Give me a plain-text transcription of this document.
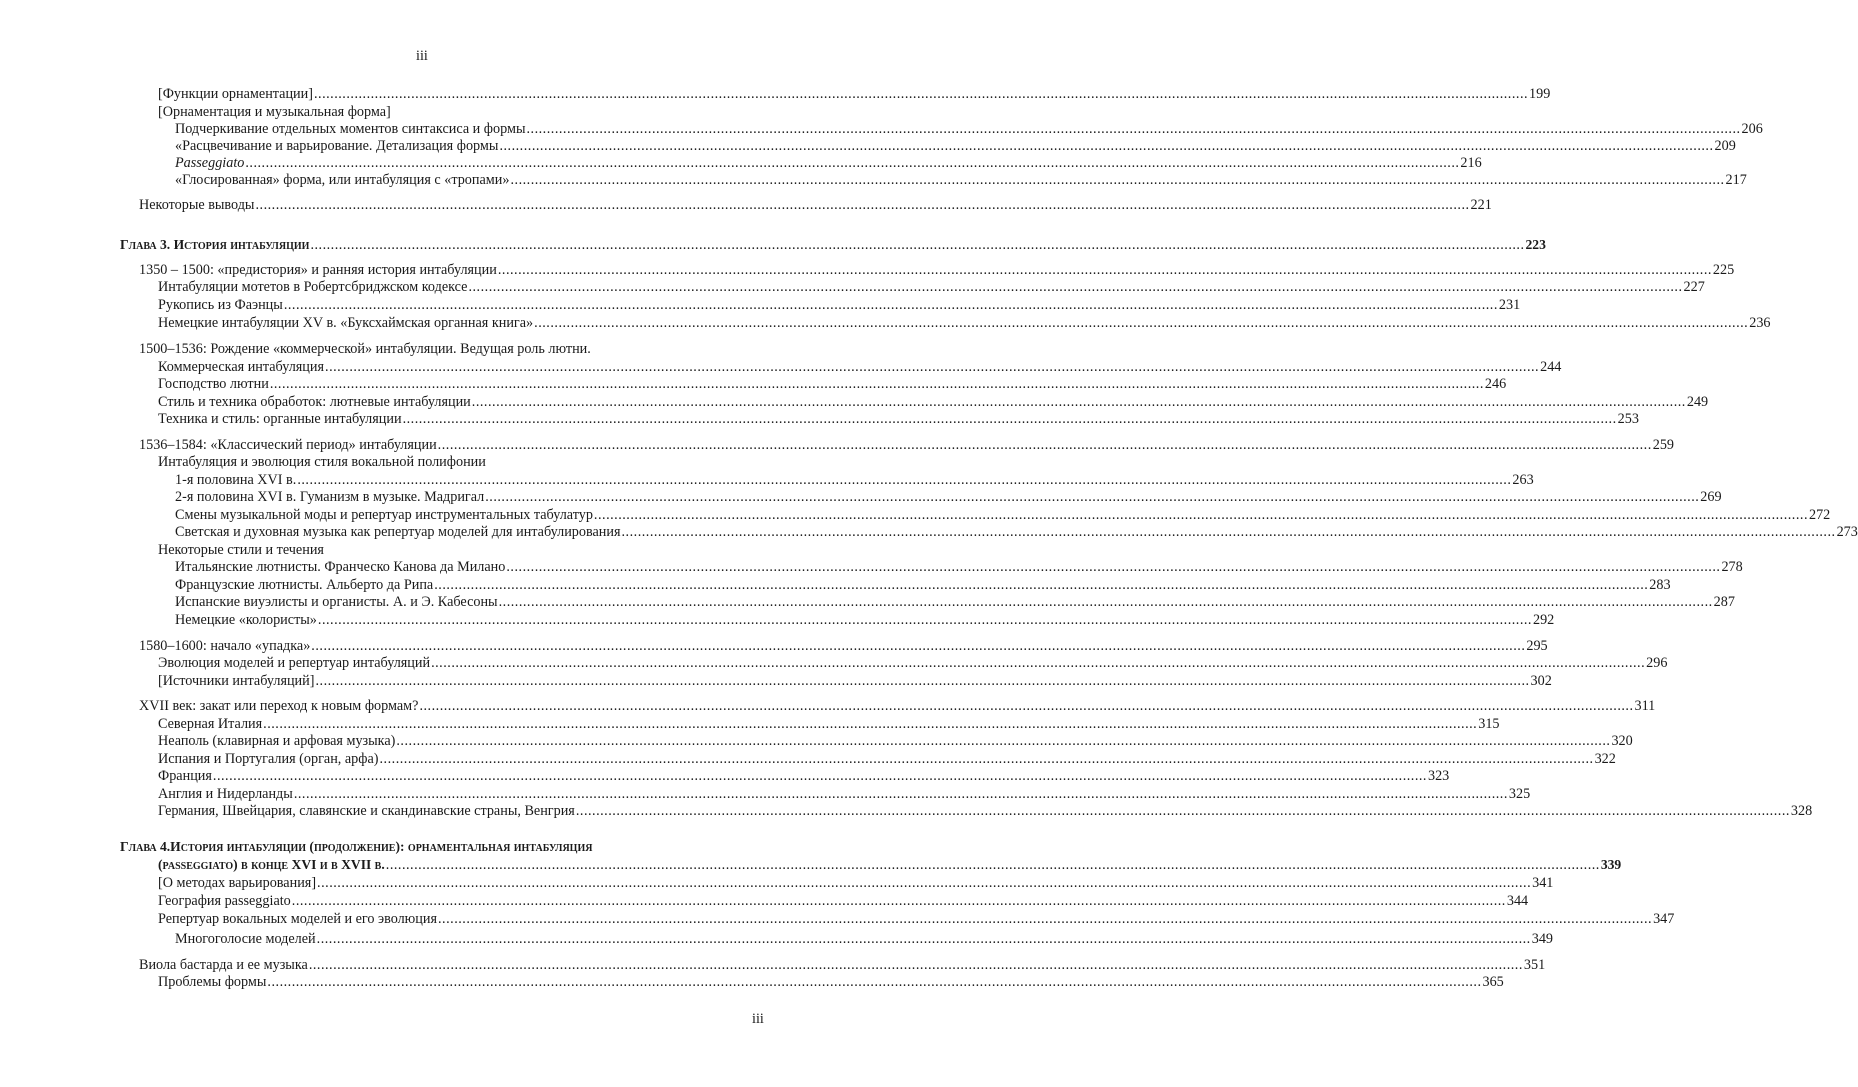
iii
[Функции орнаментации] ............................................................................................................................................................................................................................................................................................................ 199
[Орнаментация и музыкальная форма]
Подчеркивание отдельных моментов синтаксиса и формы ............................................................................................................................................................................................................................................................................................................ 206
«Расцвечивание и варьирование. Детализация формы ............................................................................................................................................................................................................................................................................................................ 209
Passeggiato ............................................................................................................................................................................................................................................................................................................ 216
«Глосированная» форма, или интабуляция с «тропами» ............................................................................................................................................................................................................................................................................................................ 217
Некоторые выводы ............................................................................................................................................................................................................................................................................................................ 221
Глава 3. История интабуляции ............................................................................................................................................................................................................................................................................................................ 223
1350 – 1500: «предистория» и ранняя история интабуляции ............................................................................................................................................................................................................................................................................................................ 225
Интабуляции мотетов в Робертсбриджском кодексе ............................................................................................................................................................................................................................................................................................................ 227
Рукопись из Фаэнцы ............................................................................................................................................................................................................................................................................................................ 231
Немецкие интабуляции XV в. «Буксхаймская органная книга» ............................................................................................................................................................................................................................................................................................................ 236
1500–1536: Рождение «коммерческой» интабуляции. Ведущая роль лютни.
Коммерческая интабуляция ............................................................................................................................................................................................................................................................................................................ 244
Господство лютни ............................................................................................................................................................................................................................................................................................................ 246
Стиль и техника обработок: лютневые интабуляции ............................................................................................................................................................................................................................................................................................................ 249
Техника и стиль: органные интабуляции ............................................................................................................................................................................................................................................................................................................ 253
1536–1584: «Классический период» интабуляции ............................................................................................................................................................................................................................................................................................................ 259
Интабуляция и эволюция стиля вокальной полифонии
1-я половина XVI в. ............................................................................................................................................................................................................................................................................................................ 263
2-я половина XVI в. Гуманизм в музыке. Мадригал ............................................................................................................................................................................................................................................................................................................ 269
Смены музыкальной моды и репертуар инструментальных табулатур ............................................................................................................................................................................................................................................................................................................ 272
Светская и духовная музыка как репертуар моделей для интабулирования ............................................................................................................................................................................................................................................................................................................ 273
Некоторые стили и течения
Итальянские лютнисты. Франческо Канова да Милано ............................................................................................................................................................................................................................................................................................................ 278
Французские лютнисты. Альберто да Рипа ............................................................................................................................................................................................................................................................................................................ 283
Испанские виуэлисты и органисты. А. и Э. Кабесоны ............................................................................................................................................................................................................................................................................................................ 287
Немецкие «колористы» ............................................................................................................................................................................................................................................................................................................ 292
1580–1600: начало «упадка» ............................................................................................................................................................................................................................................................................................................ 295
Эволюция моделей и репертуар интабуляций ............................................................................................................................................................................................................................................................................................................ 296
[Источники интабуляций] ............................................................................................................................................................................................................................................................................................................ 302
XVII век: закат или переход к новым формам? ............................................................................................................................................................................................................................................................................................................ 311
Северная Италия ............................................................................................................................................................................................................................................................................................................ 315
Неаполь (клавирная и арфовая музыка) ............................................................................................................................................................................................................................................................................................................ 320
Испания и Португалия (орган, арфа) ............................................................................................................................................................................................................................................................................................................ 322
Франция ............................................................................................................................................................................................................................................................................................................ 323
Англия и Нидерланды ............................................................................................................................................................................................................................................................................................................ 325
Германия, Швейцария, славянские и скандинавские страны, Венгрия ............................................................................................................................................................................................................................................................................................................ 328
Глава 4.История интабуляции (продолжение): орнаментальная интабуляция
(passeggiato) в конце XVI и в XVII в. ............................................................................................................................................................................................................................................................................................................ 339
[О методах варьирования] ............................................................................................................................................................................................................................................................................................................ 341
География passeggiato ............................................................................................................................................................................................................................................................................................................ 344
Репертуар вокальных моделей и его эволюция ............................................................................................................................................................................................................................................................................................................ 347
Многоголосие моделей ............................................................................................................................................................................................................................................................................................................ 349
Виола бастарда и ее музыка ............................................................................................................................................................................................................................................................................................................ 351
Проблемы формы ............................................................................................................................................................................................................................................................................................................ 365
iii
